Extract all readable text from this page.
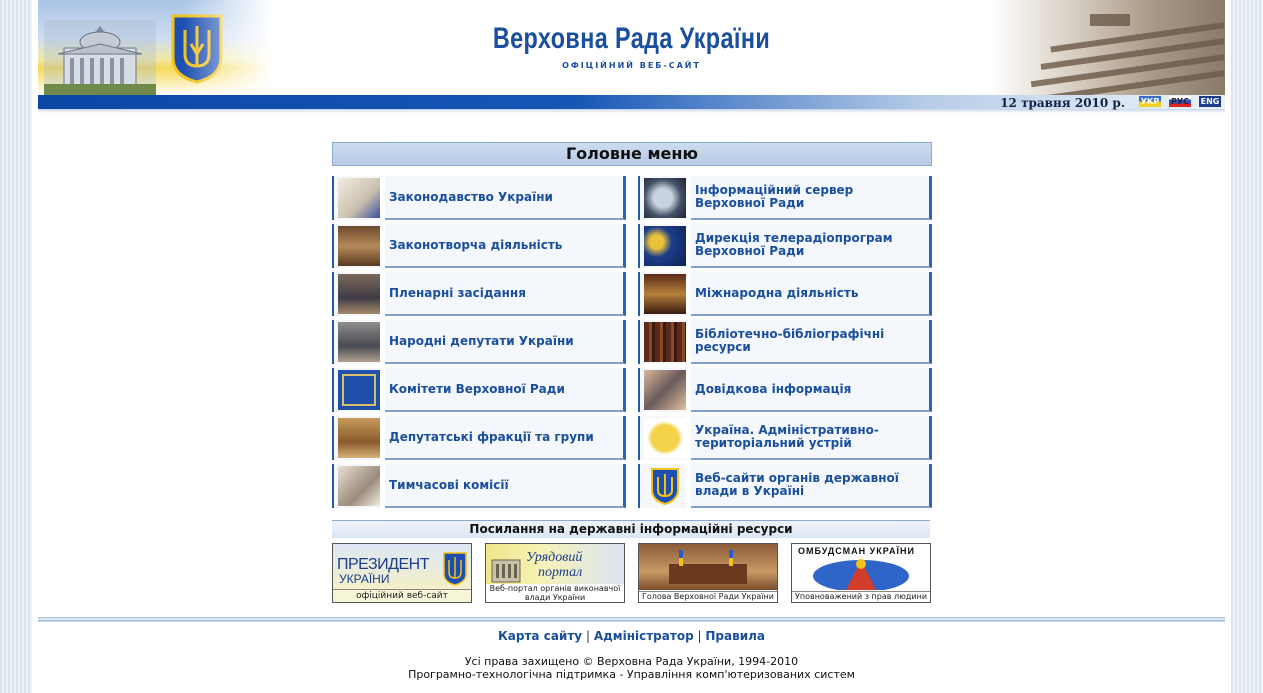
Верховна Рада України
ОФІЦІЙНИЙ ВЕБ-САЙТ
12 травня 2010 р. УКР РУС ENG
Головне меню
Законодавство України
Законотворча діяльність
Пленарні засідання
Народні депутати України
Комітети Верховної Ради
Депутатські фракції та групи
Тимчасові комісії
Інформаційний сервер Верховної Ради
Дирекція телерадіопрограм Верховної Ради
Міжнародна діяльність
Бібліотечно-бібліографічні ресурси
Довідкова інформація
Україна. Адміністративно-територіальний устрій
Веб-сайти органів державної влади в Україні
Посилання на державні інформаційні ресурси
ПРЕЗИДЕНТ
УКРАЇНИ
офіційний веб-сайт
Урядовий
портал
Веб-портал органів виконавчої влади України	Голова Верховної Ради України
ОМБУДСМАН УКРАЇНИ
Уповноважений з прав людини
Карта сайту | Адміністратор | Правила
Усі права захищено © Верховна Рада України, 1994-2010
Програмно-технологічна підтримка - Управління комп'ютеризованих систем
